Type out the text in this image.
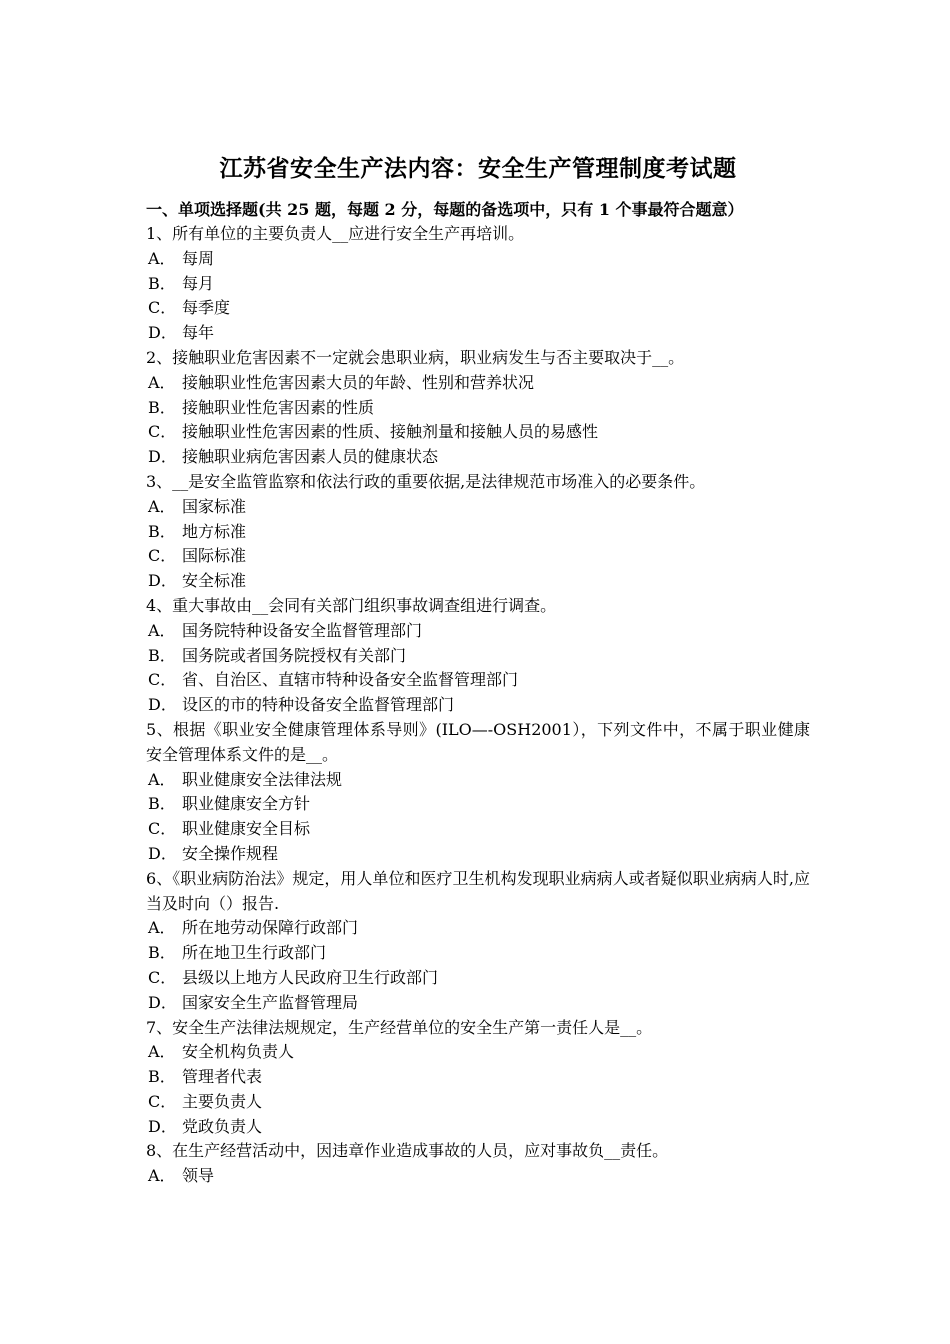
江苏省安全生产法内容：安全生产管理制度考试题

一、单项选择题(共 25 题，每题 2 分，每题的备选项中，只有 1 个事最符合题意）

1、所有单位的主要负责人__应进行安全生产再培训。

A． 每周

B． 每月

C． 每季度

D． 每年

2、接触职业危害因素不一定就会患职业病，职业病发生与否主要取决于__。

A． 接触职业性危害因素大员的年龄、性别和营养状况

B． 接触职业性危害因素的性质

C． 接触职业性危害因素的性质、接触剂量和接触人员的易感性

D． 接触职业病危害因素人员的健康状态

3、__是安全监管监察和依法行政的重要依据,是法律规范市场准入的必要条件。

A． 国家标准

B． 地方标准

C． 国际标准

D． 安全标准

4、重大事故由__会同有关部门组织事故调查组进行调查。

A． 国务院特种设备安全监督管理部门

B． 国务院或者国务院授权有关部门

C． 省、自治区、直辖市特种设备安全监督管理部门

D． 设区的市的特种设备安全监督管理部门

5、根据《职业安全健康管理体系导则》(ILO—-OSH2001），下列文件中，不属于职业健康安全管理体系文件的是__。

A． 职业健康安全法律法规

B． 职业健康安全方针

C． 职业健康安全目标

D． 安全操作规程

6、《职业病防治法》规定，用人单位和医疗卫生机构发现职业病病人或者疑似职业病病人时,应当及时向（）报告.

A． 所在地劳动保障行政部门

B． 所在地卫生行政部门

C． 县级以上地方人民政府卫生行政部门

D． 国家安全生产监督管理局

7、安全生产法律法规规定，生产经营单位的安全生产第一责任人是__。

A． 安全机构负责人

B． 管理者代表

C． 主要负责人

D． 党政负责人

8、在生产经营活动中，因违章作业造成事故的人员，应对事故负__责任。

A． 领导
